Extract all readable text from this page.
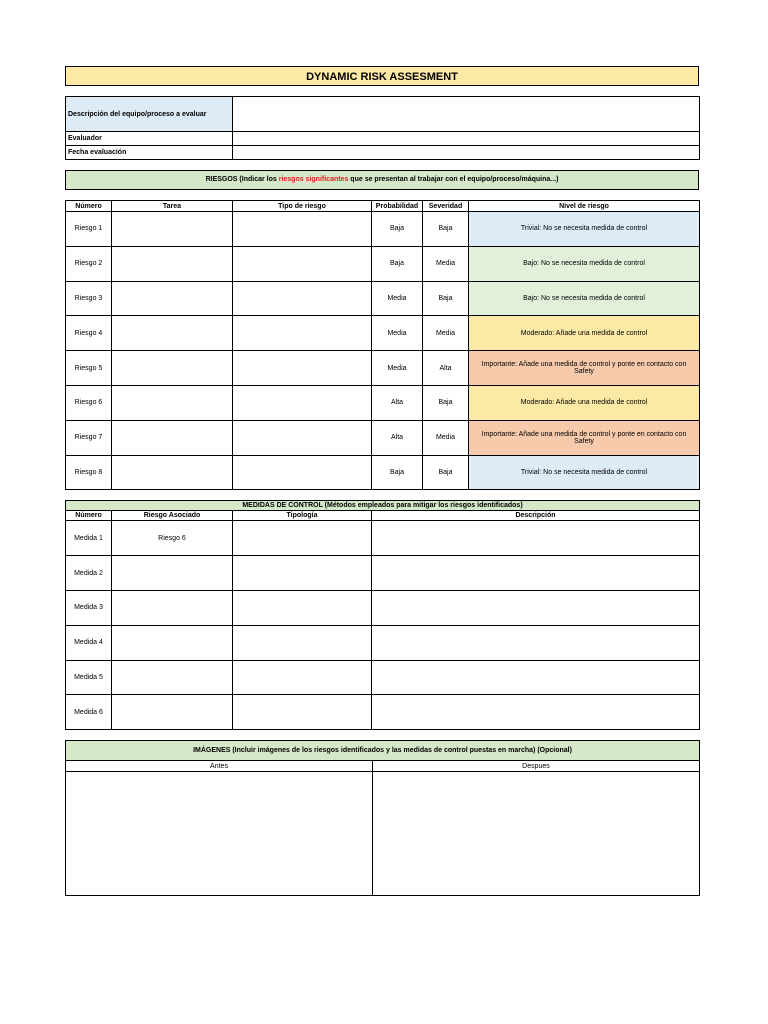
DYNAMIC RISK ASSESMENT
Descripción del equipo/proceso a evaluar	
Evaluador	
Fecha evaluación	
RIESGOS (Indicar los riesgos significantes que se presentan al trabajar con el equipo/proceso/máquina...)
Número	Tarea	Tipo de riesgo	Probabilidad	Severidad	Nivel de riesgo
Riesgo 1			Baja	Baja	Trivial: No se necesita medida de control
Riesgo 2			Baja	Media	Bajo: No se necesita medida de control
Riesgo 3			Media	Baja	Bajo: No se necesita medida de control
Riesgo 4			Media	Media	Moderado: Añade una medida de control
Riesgo 5			Media	Alta	Importante: Añade una medida de control y ponte en contacto con Safety
Riesgo 6			Alta	Baja	Moderado: Añade una medida de control
Riesgo 7			Alta	Media	Importante: Añade una medida de control y ponte en contacto con Safety
Riesgo 8			Baja	Baja	Trivial: No se necesita medida de control
MEDIDAS DE CONTROL (Métodos empleados para mitigar los riesgos identificados)			
Número	Riesgo Asociado	Tipología	Descripción
Medida 1	Riesgo 6		
Medida 2			
Medida 3			
Medida 4			
Medida 5			
Medida 6			
IMÁGENES (Incluir imágenes de los riesgos identificados y las medidas de control puestas en marcha) (Opcional)	
Antes	Despues
